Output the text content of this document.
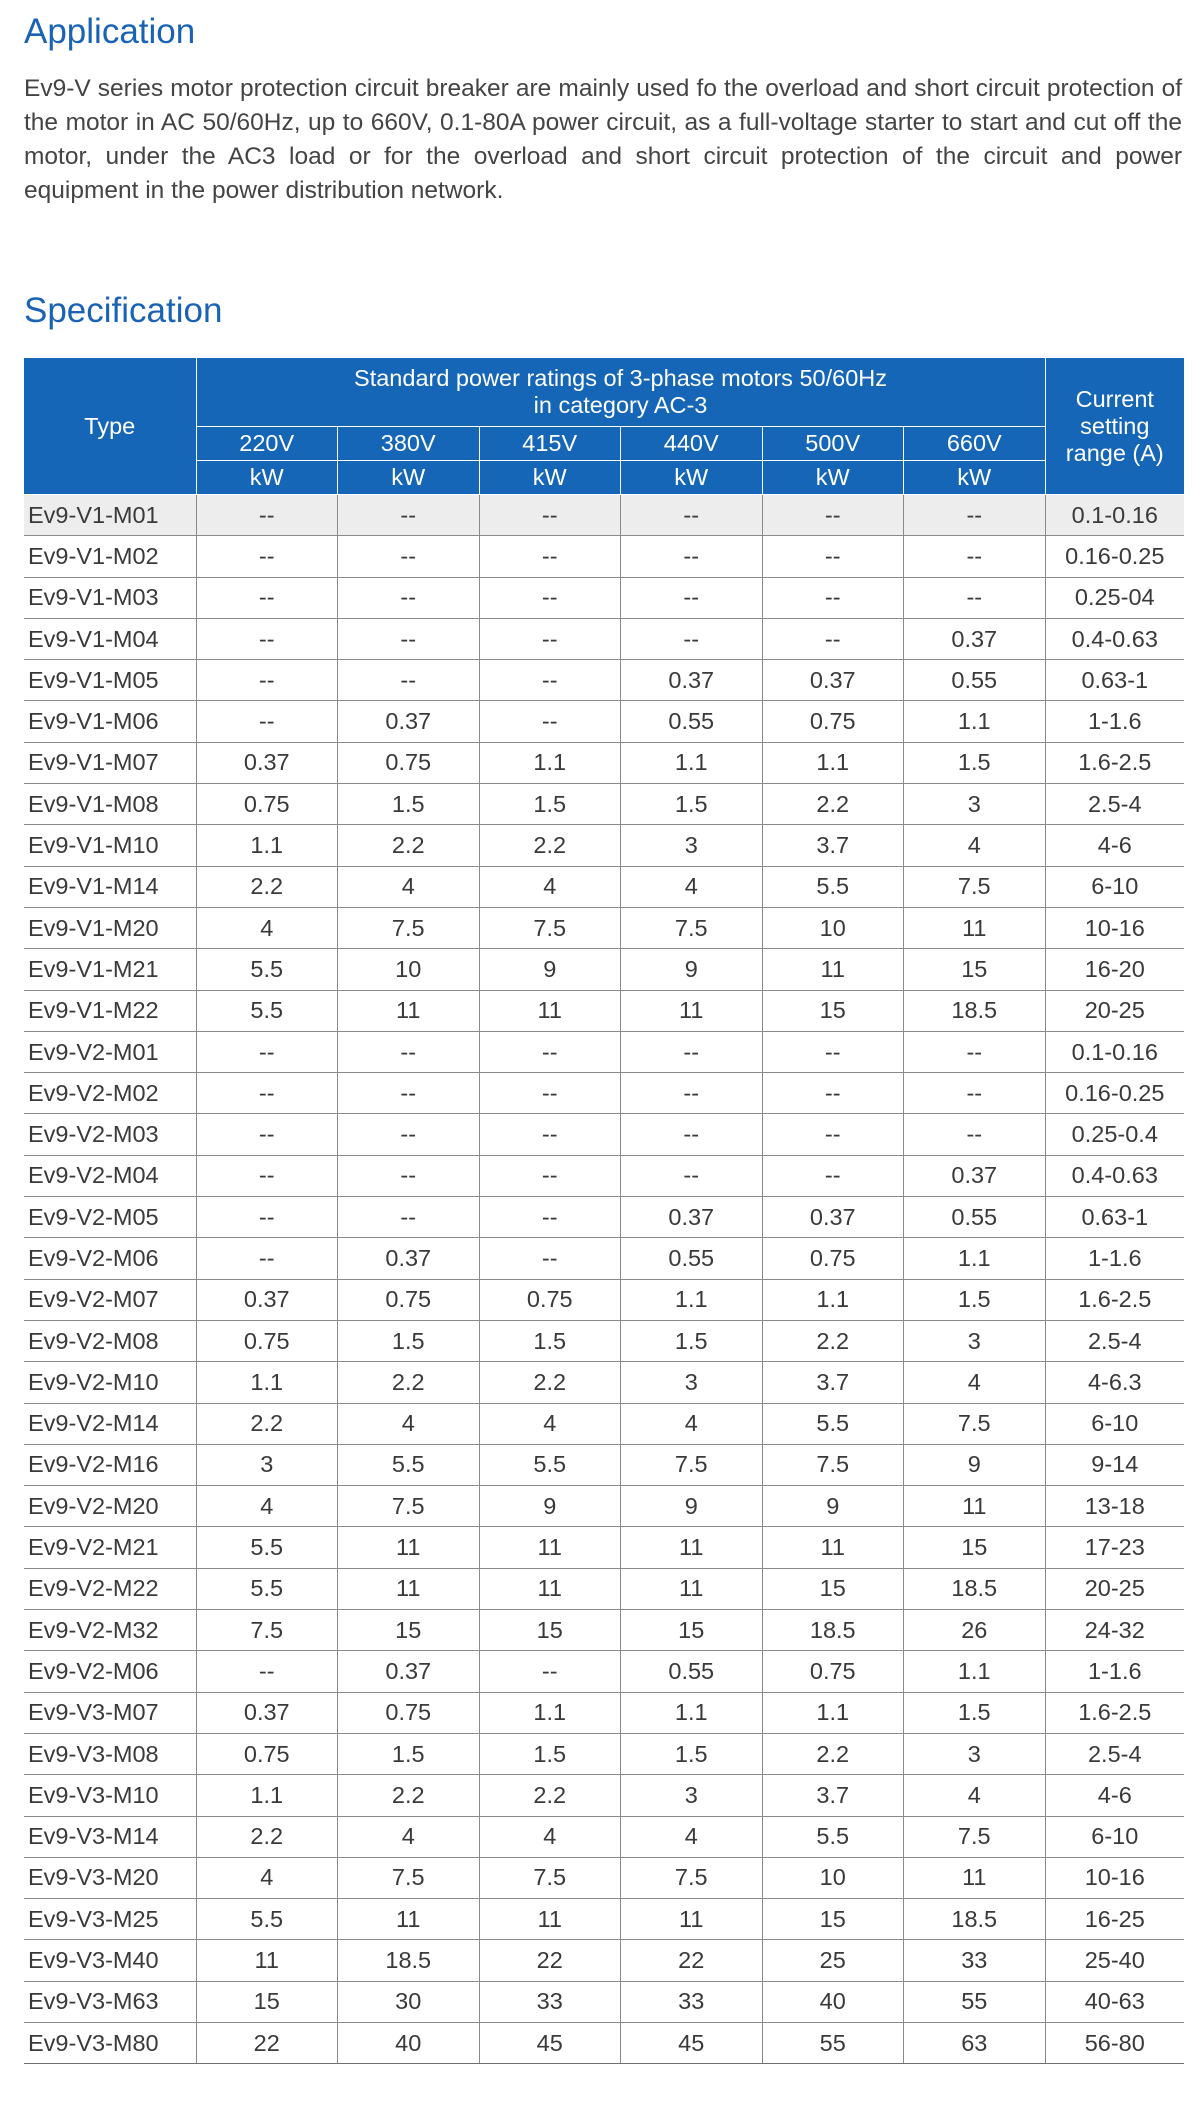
Application

Ev9-V series motor protection circuit breaker are mainly used fo the overload and short circuit protection of the motor in AC 50/60Hz, up to 660V, 0.1-80A power circuit, as a full-voltage starter to start and cut off the motor, under the AC3 load or for the overload and short circuit protection of the circuit and power equipment in the power distribution network.

Specification
Type	Standard power ratings of 3-phase motors 50/60Hz in category AC-3						Current setting range (A)
	220V	380V	415V	440V	500V	660V	
	kW	kW	kW	kW	kW	kW	
Ev9-V1-M01	--	--	--	--	--	--	0.1-0.16
Ev9-V1-M02	--	--	--	--	--	--	0.16-0.25
Ev9-V1-M03	--	--	--	--	--	--	0.25-04
Ev9-V1-M04	--	--	--	--	--	0.37	0.4-0.63
Ev9-V1-M05	--	--	--	0.37	0.37	0.55	0.63-1
Ev9-V1-M06	--	0.37	--	0.55	0.75	1.1	1-1.6
Ev9-V1-M07	0.37	0.75	1.1	1.1	1.1	1.5	1.6-2.5
Ev9-V1-M08	0.75	1.5	1.5	1.5	2.2	3	2.5-4
Ev9-V1-M10	1.1	2.2	2.2	3	3.7	4	4-6
Ev9-V1-M14	2.2	4	4	4	5.5	7.5	6-10
Ev9-V1-M20	4	7.5	7.5	7.5	10	11	10-16
Ev9-V1-M21	5.5	10	9	9	11	15	16-20
Ev9-V1-M22	5.5	11	11	11	15	18.5	20-25
Ev9-V2-M01	--	--	--	--	--	--	0.1-0.16
Ev9-V2-M02	--	--	--	--	--	--	0.16-0.25
Ev9-V2-M03	--	--	--	--	--	--	0.25-0.4
Ev9-V2-M04	--	--	--	--	--	0.37	0.4-0.63
Ev9-V2-M05	--	--	--	0.37	0.37	0.55	0.63-1
Ev9-V2-M06	--	0.37	--	0.55	0.75	1.1	1-1.6
Ev9-V2-M07	0.37	0.75	0.75	1.1	1.1	1.5	1.6-2.5
Ev9-V2-M08	0.75	1.5	1.5	1.5	2.2	3	2.5-4
Ev9-V2-M10	1.1	2.2	2.2	3	3.7	4	4-6.3
Ev9-V2-M14	2.2	4	4	4	5.5	7.5	6-10
Ev9-V2-M16	3	5.5	5.5	7.5	7.5	9	9-14
Ev9-V2-M20	4	7.5	9	9	9	11	13-18
Ev9-V2-M21	5.5	11	11	11	11	15	17-23
Ev9-V2-M22	5.5	11	11	11	15	18.5	20-25
Ev9-V2-M32	7.5	15	15	15	18.5	26	24-32
Ev9-V2-M06	--	0.37	--	0.55	0.75	1.1	1-1.6
Ev9-V3-M07	0.37	0.75	1.1	1.1	1.1	1.5	1.6-2.5
Ev9-V3-M08	0.75	1.5	1.5	1.5	2.2	3	2.5-4
Ev9-V3-M10	1.1	2.2	2.2	3	3.7	4	4-6
Ev9-V3-M14	2.2	4	4	4	5.5	7.5	6-10
Ev9-V3-M20	4	7.5	7.5	7.5	10	11	10-16
Ev9-V3-M25	5.5	11	11	11	15	18.5	16-25
Ev9-V3-M40	11	18.5	22	22	25	33	25-40
Ev9-V3-M63	15	30	33	33	40	55	40-63
Ev9-V3-M80	22	40	45	45	55	63	56-80
